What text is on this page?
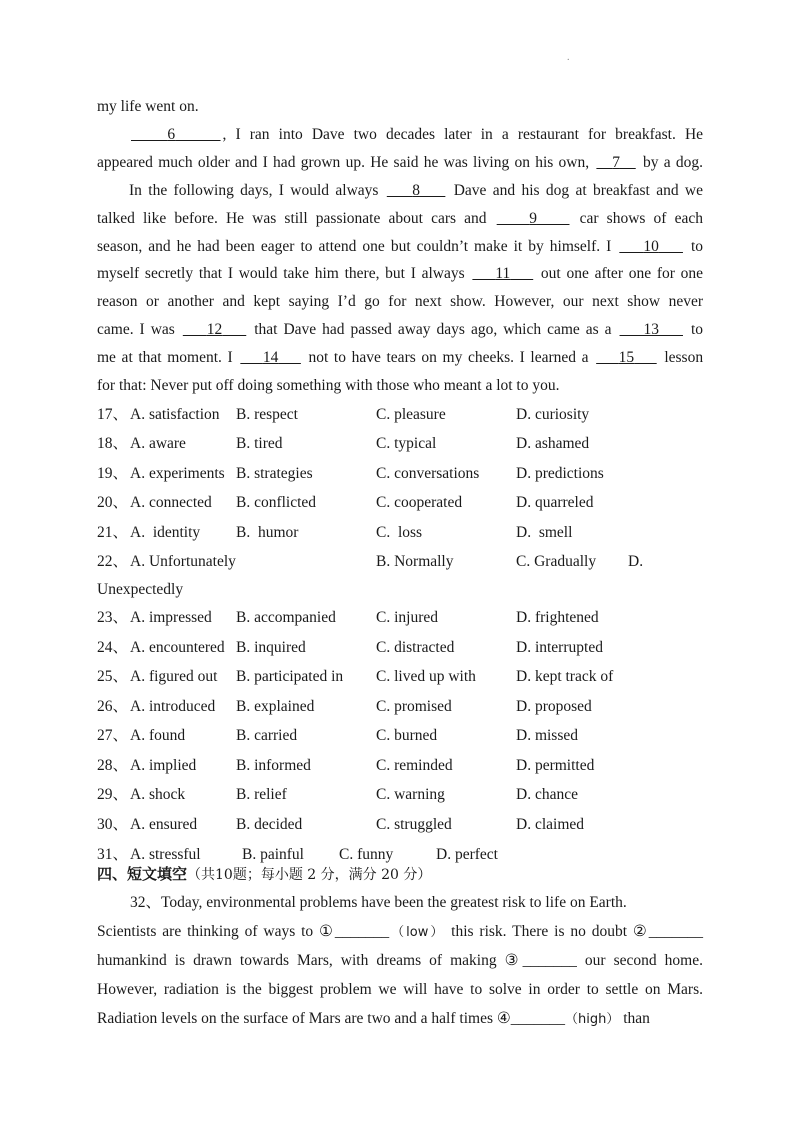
.
my life went on.
6	, I ran into Dave two decades later in a restaurant for breakfast. He
appeared much older and I had grown up. He said he was living on his own,    7    by a dog.
In the following days, I would always     8     Dave and his dog at breakfast and we
talked like before. He was still passionate about cars and     9     car shows of each
season, and he had been eager to attend one but couldn’t make it by himself. I     10     to
myself secretly that I would take him there, but I always     11     out one after one for one
reason or another and kept saying I’d go for next show. However, our next show never
came. I was     12     that Dave had passed away days ago, which came as a     13     to
me at that moment. I     14     not to have tears on my cheeks. I learned a     15     lesson
for that: Never put off doing something with those who meant a lot to you.
17、 A. satisfaction B. respect	C. pleasure	D. curiosity
18、 A. aware	B. tired	C. typical	D. ashamed
19、 A. experiments B. strategies	C. conversations D. predictions
20、 A. connected B. conflicted	C. cooperated	D. quarreled
21、 A.  identity B.  humor	C.  loss	D.  smell
22、 A. Unfortunately	B. Normally	C. Gradually D.
Unexpectedly
23、 A. impressed B. accompanied	C. injured	D. frightened
24、 A. encountered B. inquired	C. distracted	D. interrupted
25、 A. figured out B. participated in C. lived up with	D. kept track of
26、 A. introduced B. explained	C. promised	D. proposed
27、 A. found	B. carried	C. burned	D. missed
28、 A. implied	B. informed	C. reminded	D. permitted
29、 A. shock	B. relief	C. warning	D. chance
30、 A. ensured	B. decided	C. struggled	D. claimed
31、 A. stressful	B. painful C. funny	D. perfect
四、短文填空（共10题；每小题 2 分，满分 20 分）
32、Today, environmental problems have been the greatest risk to life on Earth.
Scientists are thinking of ways to ①_______（low） this risk. There is no doubt ②_______
humankind is drawn towards Mars, with dreams of making ③_______ our second home.
However, radiation is the biggest problem we will have to solve in order to settle on Mars.
Radiation levels on the surface of Mars are two and a half times ④_______（high） than
